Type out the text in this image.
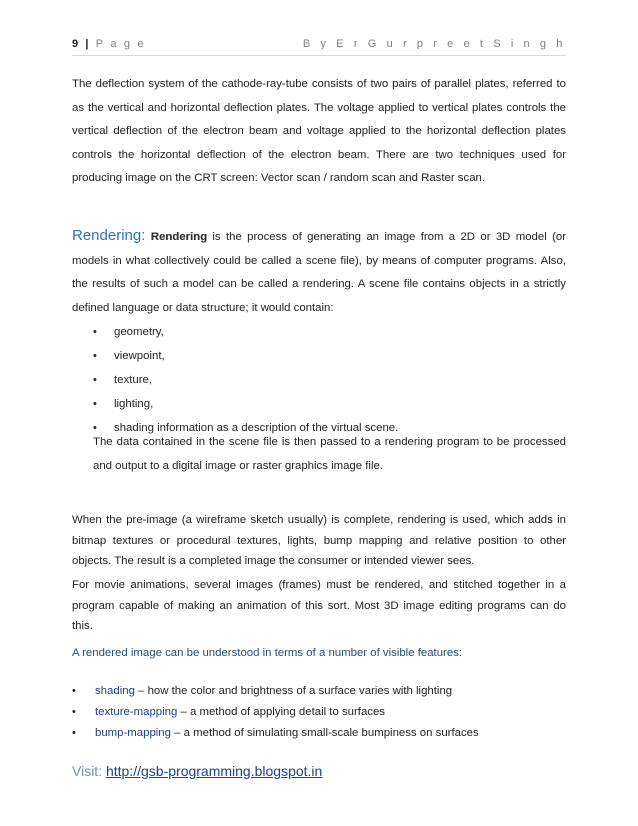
9 | P a g e	B y E r G u r p r e e t S i n g h

The deflection system of the cathode-ray-tube consists of two pairs of parallel plates, referred to as the vertical and horizontal deflection plates. The voltage applied to vertical plates controls the vertical deflection of the electron beam and voltage applied to the horizontal deflection plates controls the horizontal deflection of the electron beam. There are two techniques used for producing image on the CRT screen: Vector scan / random scan and Raster scan.

Rendering: Rendering is the process of generating an image from a 2D or 3D model (or models in what collectively could be called a scene file), by means of computer programs. Also, the results of such a model can be called a rendering. A scene file contains objects in a strictly defined language or data structure; it would contain:

• geometry,
• viewpoint,
• texture,
• lighting,
• shading information as a description of the virtual scene.

The data contained in the scene file is then passed to a rendering program to be processed and output to a digital image or raster graphics image file.

When the pre-image (a wireframe sketch usually) is complete, rendering is used, which adds in bitmap textures or procedural textures, lights, bump mapping and relative position to other objects. The result is a completed image the consumer or intended viewer sees.

For movie animations, several images (frames) must be rendered, and stitched together in a program capable of making an animation of this sort. Most 3D image editing programs can do this.

A rendered image can be understood in terms of a number of visible features:

• shading – how the color and brightness of a surface varies with lighting
• texture-mapping – a method of applying detail to surfaces
• bump-mapping – a method of simulating small-scale bumpiness on surfaces
Visit: http://gsb-programming.blogspot.in
